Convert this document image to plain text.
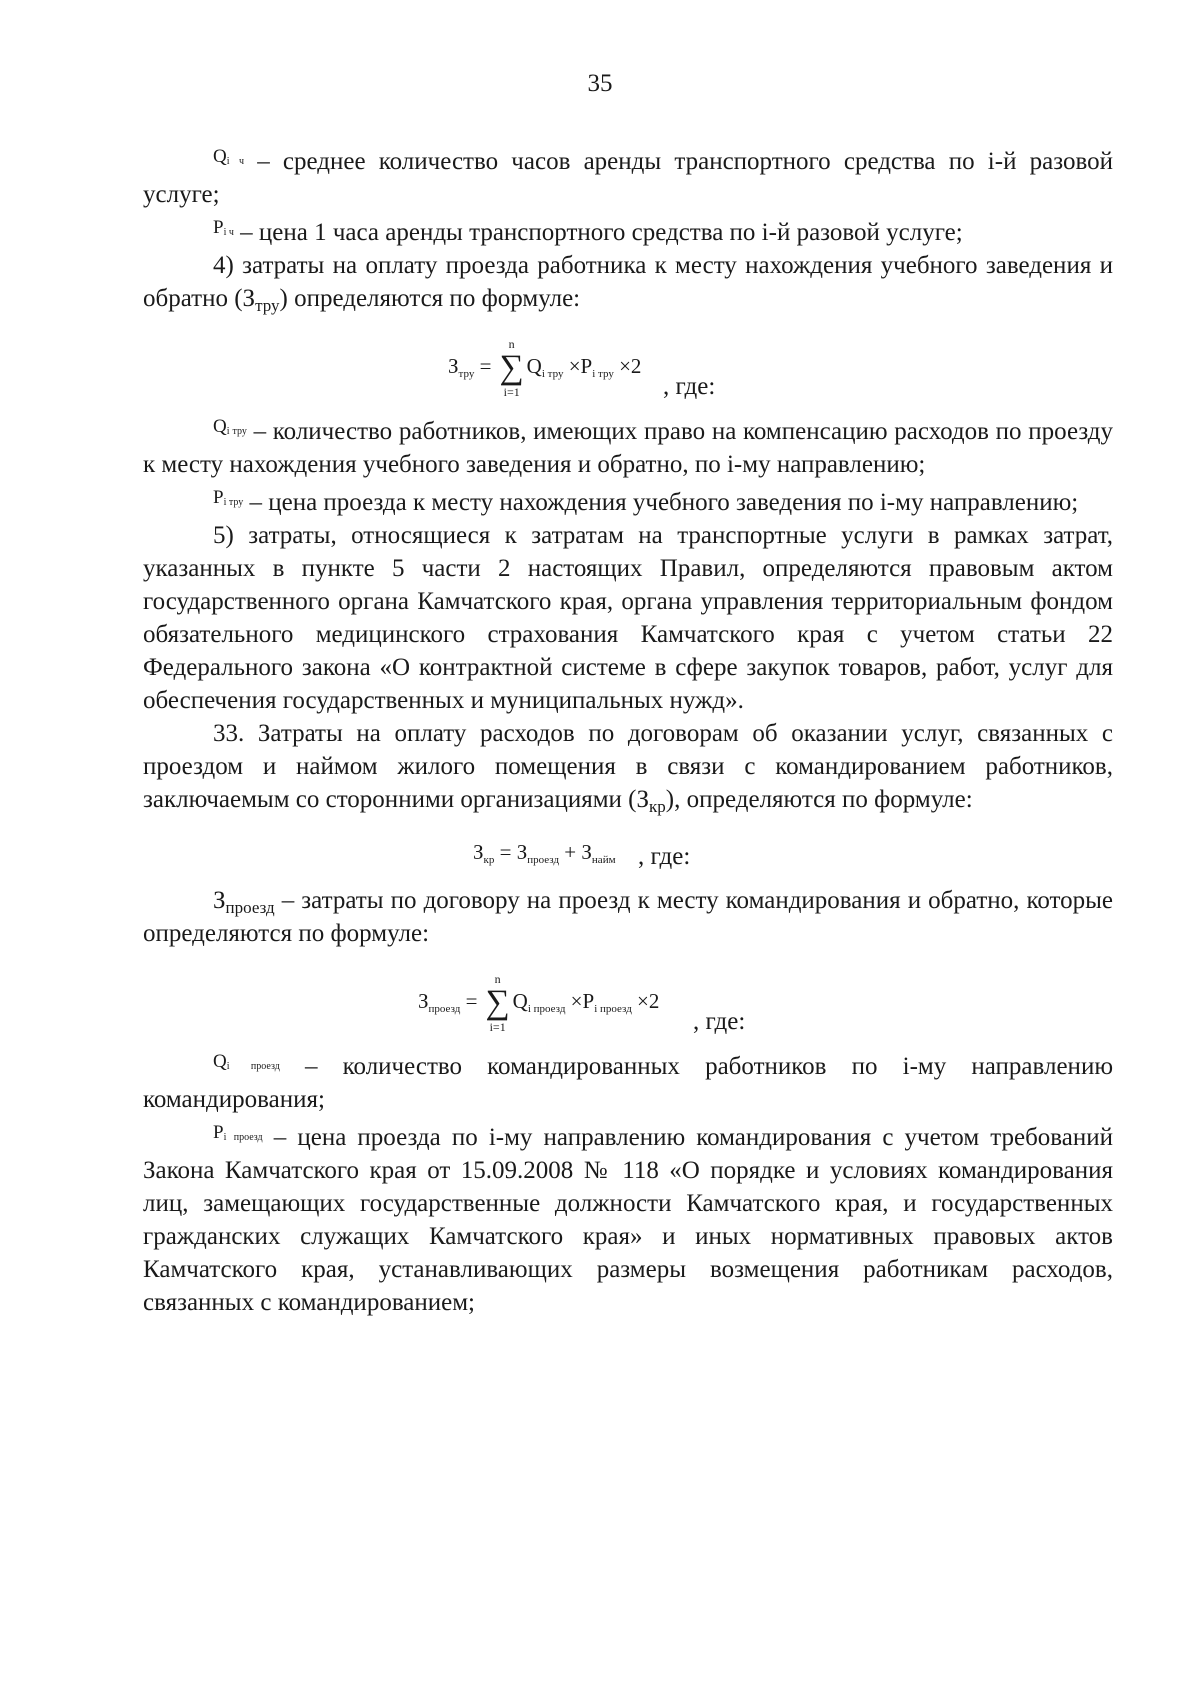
35

$^{Q_{i ч}}$ – среднее количество часов аренды транспортного средства по i-й разовой услуге;

$^{P_{i ч}}$ – цена 1 часа аренды транспортного средства по i-й разовой услуге;

4) затраты на оплату проезда работника к месту нахождения учебного заведения и обратно $(З_{тру})$ определяются по формуле:

Зтру =
n
∑
i=1
Qi тру ×Pi тру ×2
, где:

$^{Q_{i тру}}$ – количество работников, имеющих право на компенсацию расходов по проезду к месту нахождения учебного заведения и обратно, по i-му направлению;

$^{P_{i тру}}$ – цена проезда к месту нахождения учебного заведения по i-му направлению;

5) затраты, относящиеся к затратам на транспортные услуги в рамках затрат, указанных в пункте 5 части 2 настоящих Правил, определяются правовым актом государственного органа Камчатского края, органа управления территориальным фондом обязательного медицинского страхования Камчатского края с учетом статьи 22 Федерального закона «О контрактной системе в сфере закупок товаров, работ, услуг для обеспечения государственных и муниципальных нужд».

33. Затраты на оплату расходов по договорам об оказании услуг, связанных с проездом и наймом жилого помещения в связи с командированием работников, заключаемым со сторонними организациями $(З_{кр})$, определяются по формуле:

Зкр = Зпроезд + Знайм , где:

$З_{проезд}$ – затраты по договору на проезд к месту командирования и обратно, которые определяются по формуле:

Зпроезд =
n
∑
i=1
Qi проезд ×Pi проезд ×2
, где:

$^{Q_{i проезд}}$ – количество командированных работников по i-му направлению командирования;

$^{P_{i проезд}}$ – цена проезда по i-му направлению командирования с учетом требований Закона Камчатского края от 15.09.2008 № 118 «О порядке и условиях командирования лиц, замещающих государственные должности Камчатского края, и государственных гражданских служащих Камчатского края» и иных нормативных правовых актов Камчатского края, устанавливающих размеры возмещения работникам расходов, связанных с командированием;
